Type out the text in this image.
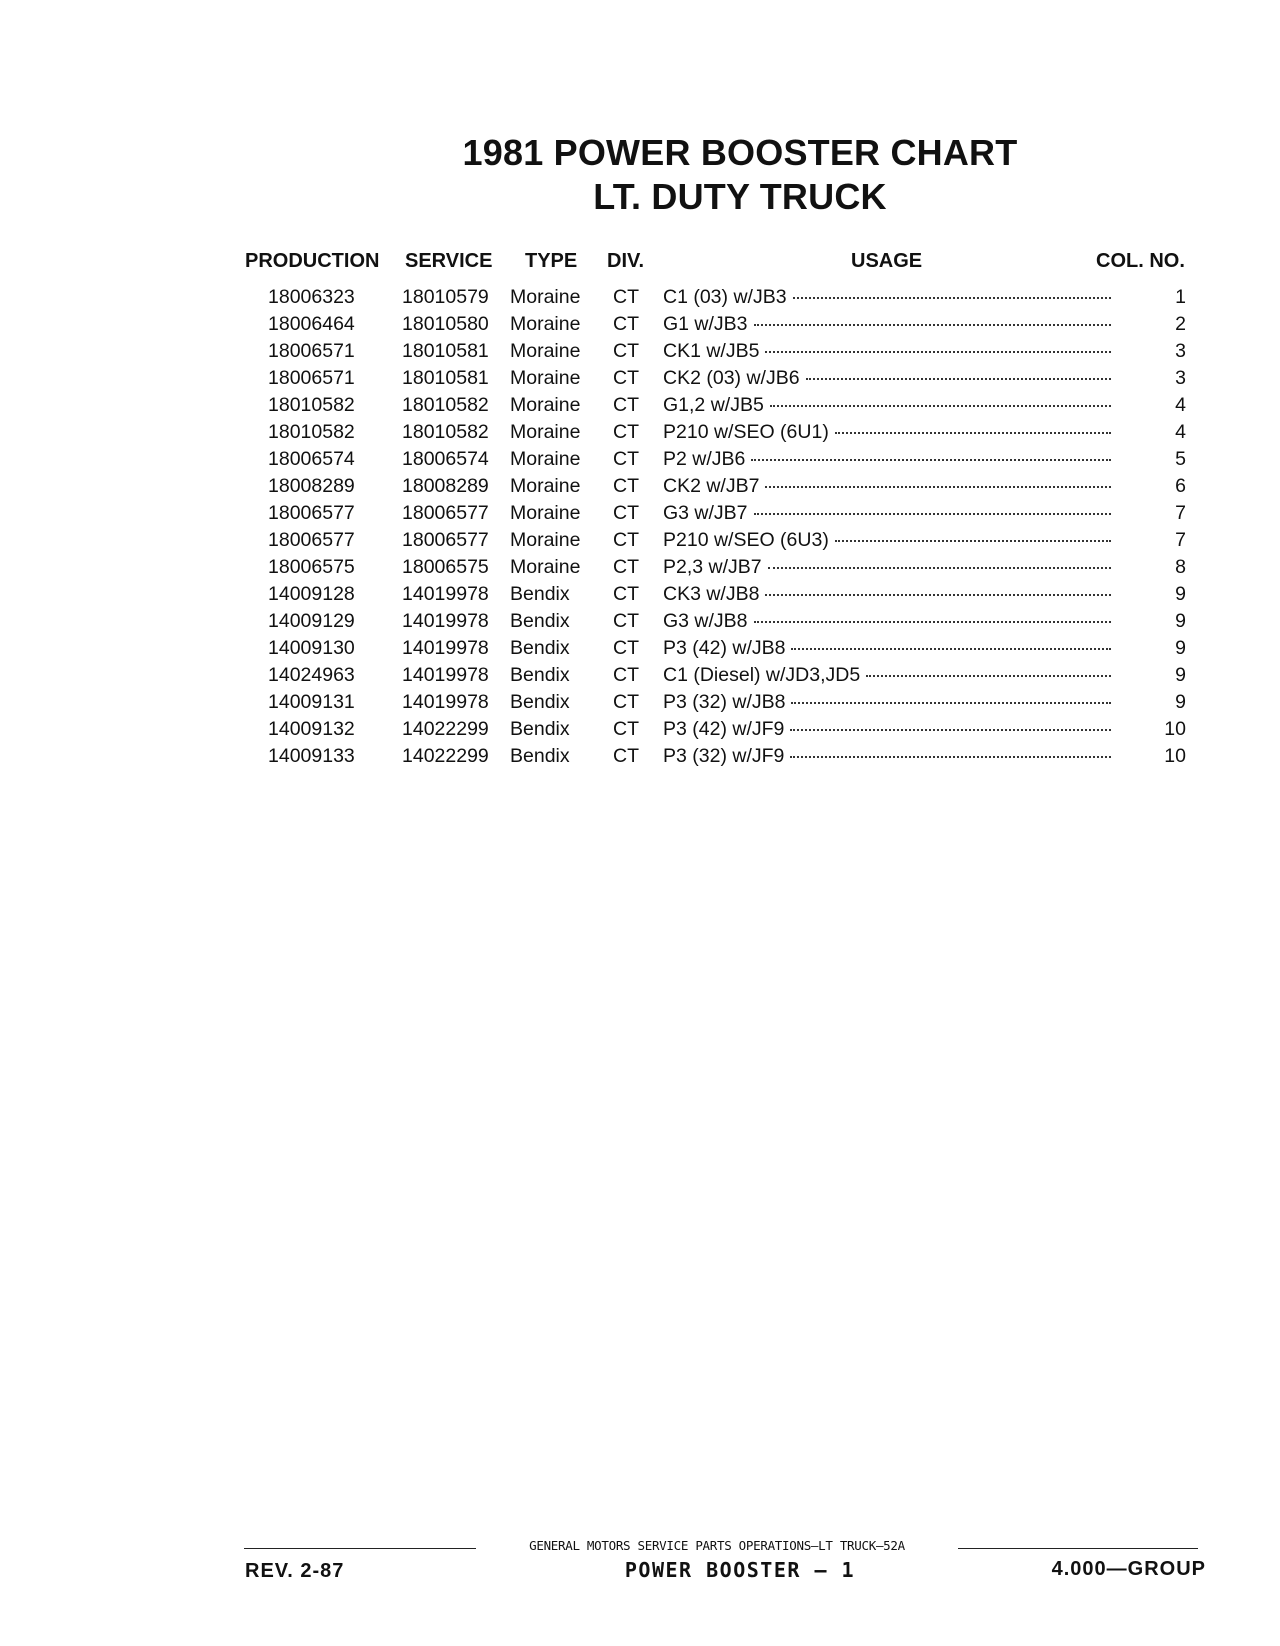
1981 POWER BOOSTER CHART
LT. DUTY TRUCK
PRODUCTION SERVICE TYPE DIV.	USAGE	COL. NO.
18006323 18010579 Moraine CT C1 (03) w/JB3	1
18006464 18010580 Moraine CT G1 w/JB3	2
18006571 18010581 Moraine CT CK1 w/JB5	3
18006571 18010581 Moraine CT CK2 (03) w/JB6	3
18010582 18010582 Moraine CT G1,2 w/JB5	4
18010582 18010582 Moraine CT P210 w/SEO (6U1)	4
18006574 18006574 Moraine CT P2 w/JB6	5
18008289 18008289 Moraine CT CK2 w/JB7	6
18006577 18006577 Moraine CT G3 w/JB7	7
18006577 18006577 Moraine CT P210 w/SEO (6U3)	7
18006575 18006575 Moraine CT P2,3 w/JB7	8
14009128 14019978 Bendix CT CK3 w/JB8	9
14009129 14019978 Bendix CT G3 w/JB8	9
14009130 14019978 Bendix CT P3 (42) w/JB8	9
14024963 14019978 Bendix CT C1 (Diesel) w/JD3,JD5	9
14009131 14019978 Bendix CT P3 (32) w/JB8	9
14009132 14022299 Bendix CT P3 (42) w/JF9	10
14009133 14022299 Bendix CT P3 (32) w/JF9	10
GENERAL MOTORS SERVICE PARTS OPERATIONS—LT TRUCK—52A
REV. 2-87	POWER BOOSTER — 1	4.000—GROUP
